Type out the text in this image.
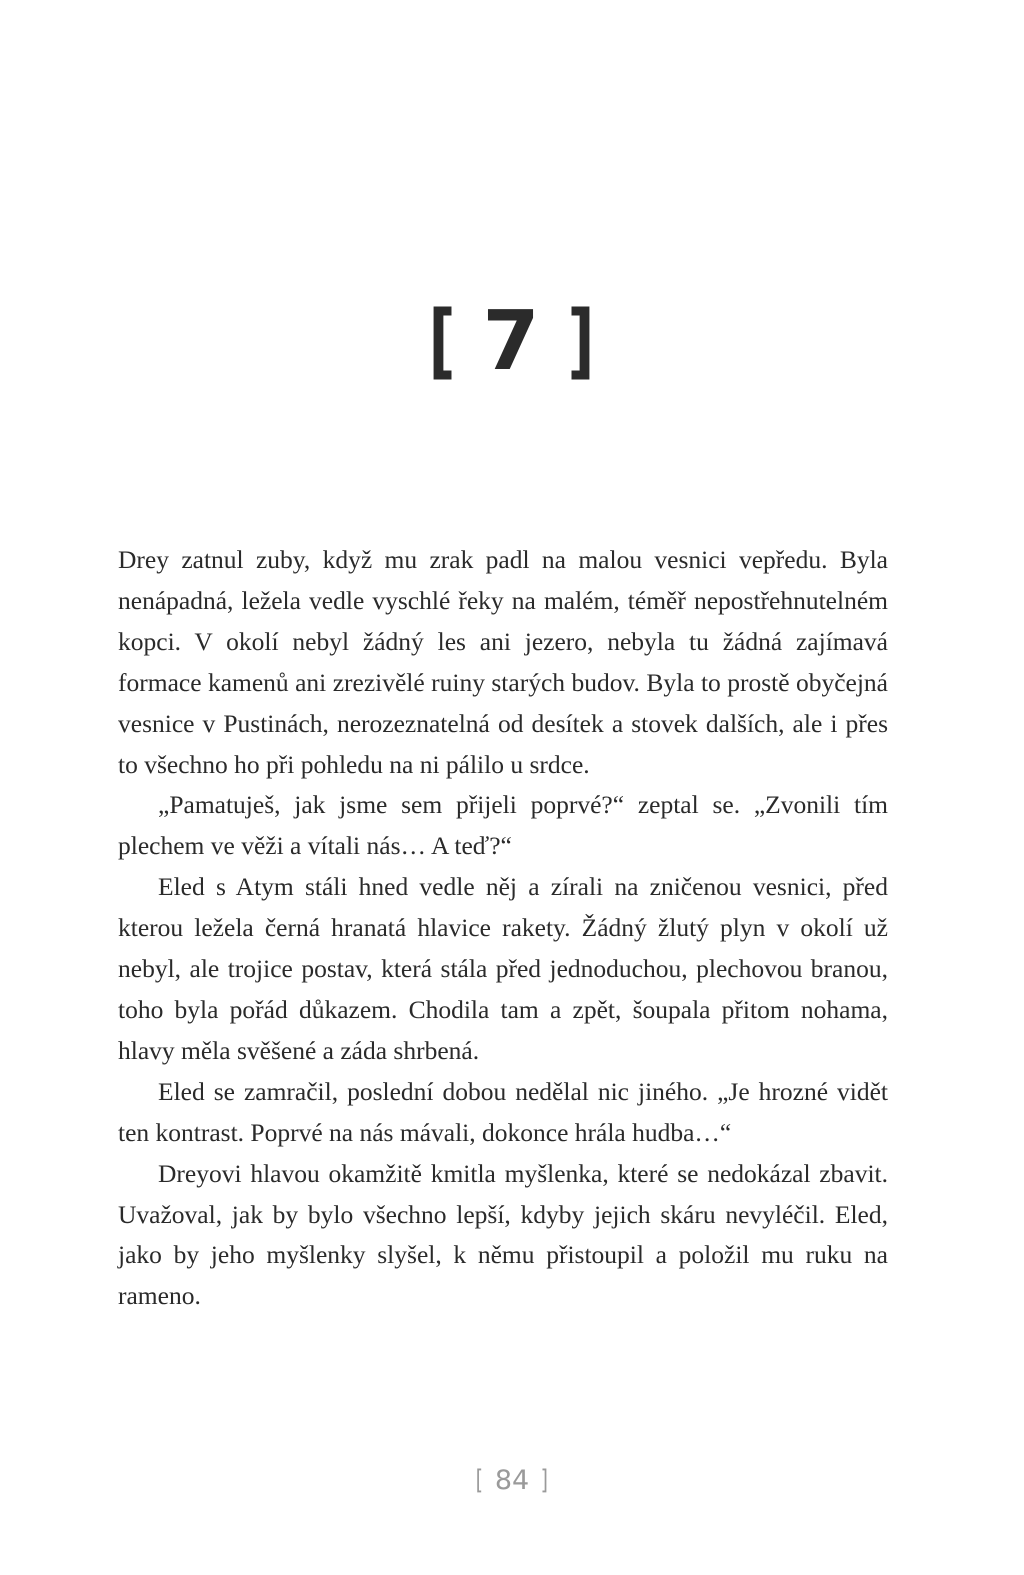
[ 7 ]

Drey zatnul zuby, když mu zrak padl na malou vesnici vepředu. Byla nenápadná, ležela vedle vyschlé řeky na malém, téměř nepostřehnutelném kopci. V okolí nebyl žádný les ani jezero, nebyla tu žádná zajímavá formace kamenů ani zrezivělé ruiny starých budov. Byla to prostě obyčejná vesnice v Pustinách, nerozeznatelná od desítek a stovek dalších, ale i přes to všechno ho při pohledu na ni pálilo u srdce.

„Pamatuješ, jak jsme sem přijeli poprvé?“ zeptal se. „Zvonili tím plechem ve věži a vítali nás… A teď?“

Eled s Atym stáli hned vedle něj a zírali na zničenou vesnici, před kterou ležela černá hranatá hlavice rakety. Žádný žlutý plyn v okolí už nebyl, ale trojice postav, která stála před jednoduchou, plechovou branou, toho byla pořád důkazem. Chodila tam a zpět, šoupala přitom nohama, hlavy měla svěšené a záda shrbená.

Eled se zamračil, poslední dobou nedělal nic jiného. „Je hrozné vidět ten kontrast. Poprvé na nás mávali, dokonce hrála hudba…“

Dreyovi hlavou okamžitě kmitla myšlenka, které se nedokázal zbavit. Uvažoval, jak by bylo všechno lepší, kdyby jejich skáru nevyléčil. Eled, jako by jeho myšlenky slyšel, k němu přistoupil a položil mu ruku na rameno.

[ 84 ]
